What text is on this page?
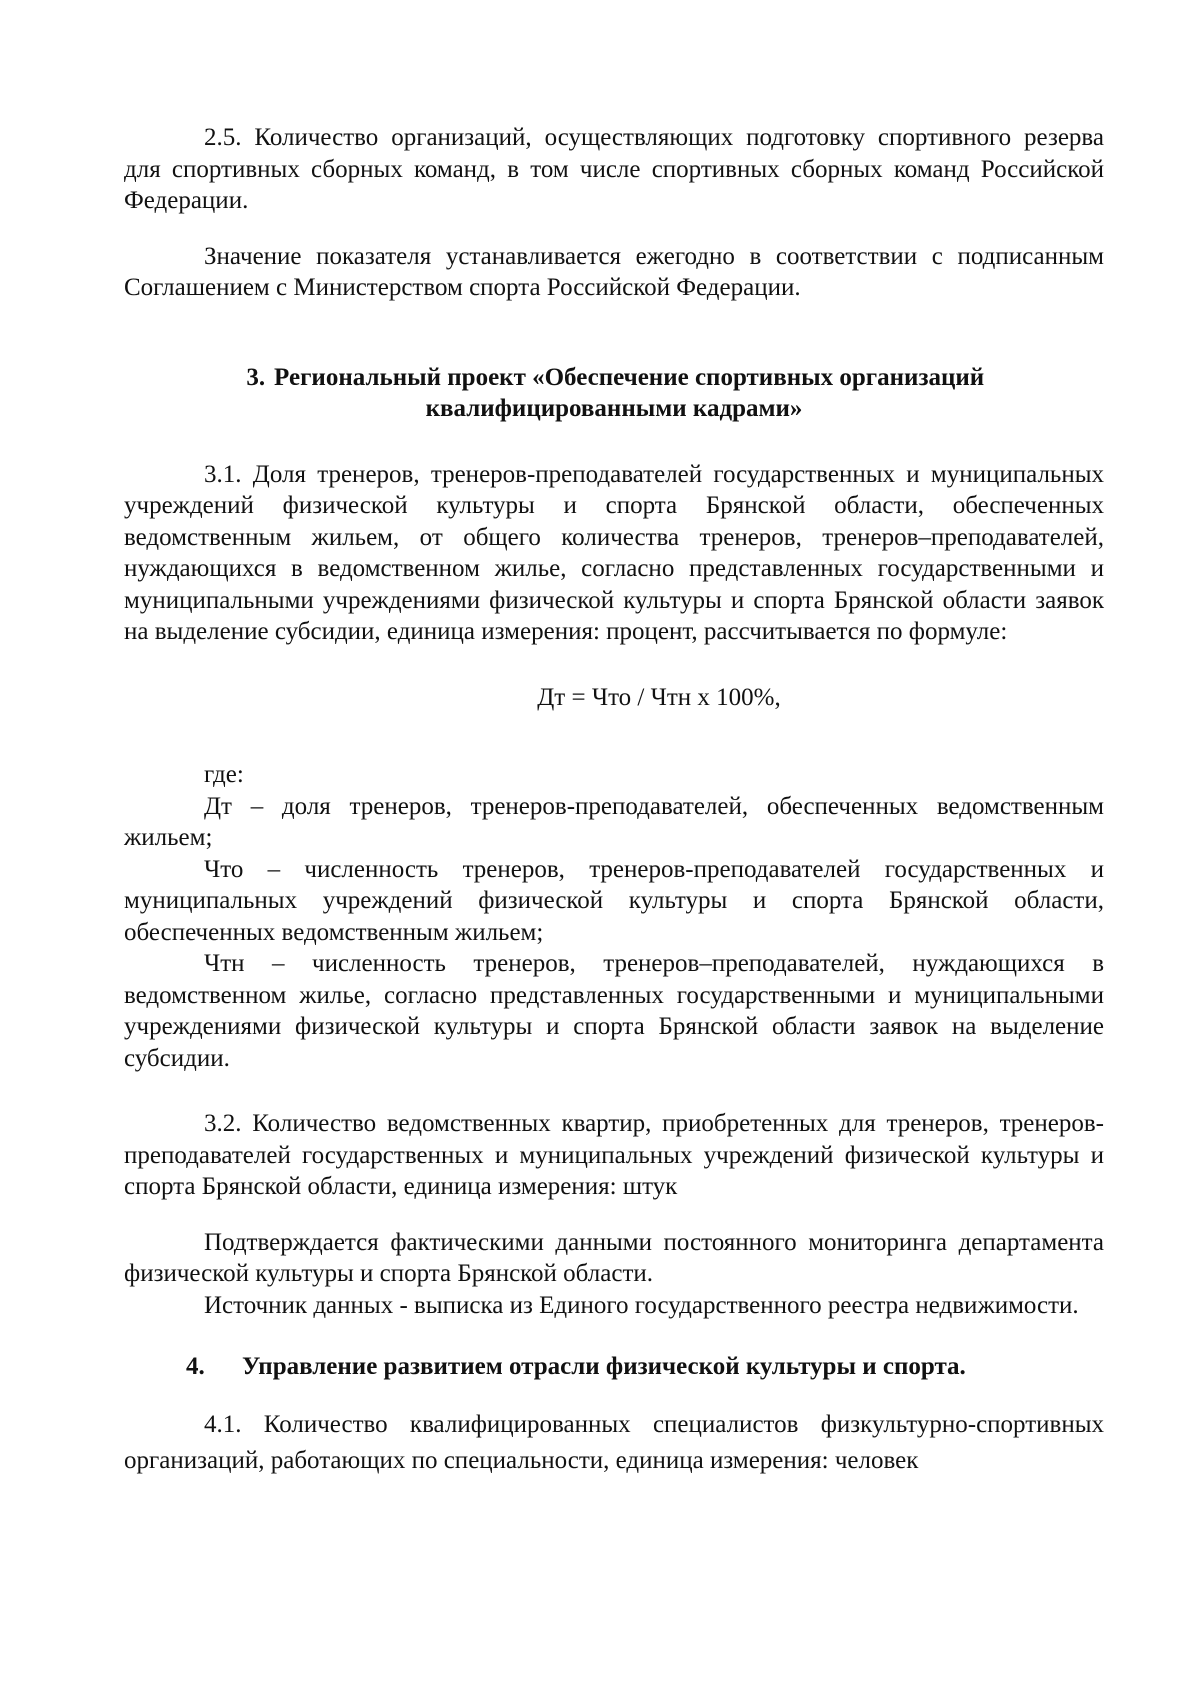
2.5. Количество организаций, осуществляющих подготовку спортивного резерва для спортивных сборных команд, в том числе спортивных сборных команд Российской Федерации.

Значение показателя устанавливается ежегодно в соответствии с подписанным Соглашением с Министерством спорта Российской Федерации.

3. Региональный проект «Обеспечение спортивных организаций
квалифицированными кадрами»

3.1. Доля тренеров, тренеров-преподавателей государственных и муниципальных учреждений физической культуры и спорта Брянской области, обеспеченных ведомственным жильем, от общего количества тренеров, тренеров–преподавателей, нуждающихся в ведомственном жилье, согласно представленных государственными и муниципальными учреждениями физической культуры и спорта Брянской области заявок на выделение субсидии, единица измерения: процент, рассчитывается по формуле:

Дт = Что / Чтн х 100%,

где:

Дт – доля тренеров, тренеров-преподавателей, обеспеченных ведомственным жильем;

Что – численность тренеров, тренеров-преподавателей государственных и муниципальных учреждений физической культуры и спорта Брянской области, обеспеченных ведомственным жильем;

Чтн – численность тренеров, тренеров–преподавателей, нуждающихся в ведомственном жилье, согласно представленных государственными и муниципальными учреждениями физической культуры и спорта Брянской области заявок на выделение субсидии.

3.2. Количество ведомственных квартир, приобретенных для тренеров, тренеров-преподавателей государственных и муниципальных учреждений физической культуры и спорта Брянской области, единица измерения: штук

Подтверждается фактическими данными постоянного мониторинга департамента физической культуры и спорта Брянской области.

Источник данных - выписка из Единого государственного реестра недвижимости.

4. Управление развитием отрасли физической культуры и спорта.

4.1. Количество квалифицированных специалистов физкультурно-спортивных организаций, работающих по специальности, единица измерения: человек
